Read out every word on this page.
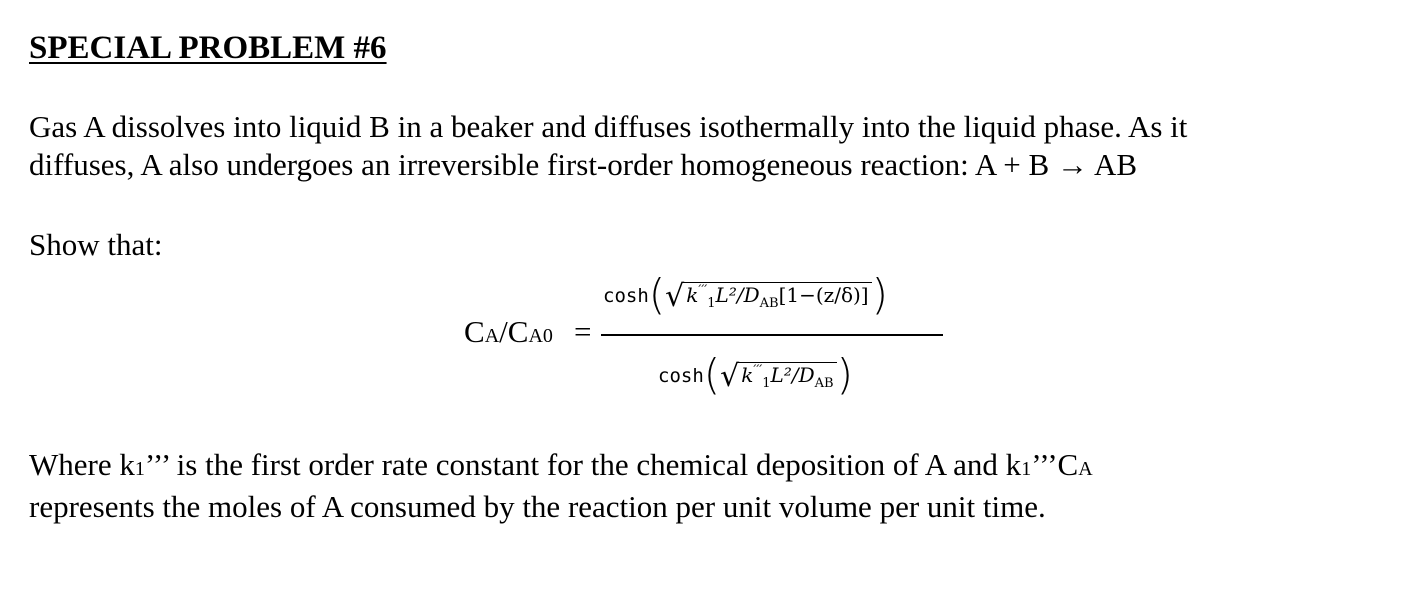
SPECIAL PROBLEM #6
Gas A dissolves into liquid B in a beaker and diffuses isothermally into the liquid phase. As it
diffuses, A also undergoes an irreversible first-order homogeneous reaction: A + B → AB
Show that:
CA/CA0 =
cosh(√ $k'''_1L^2/D_{AB}[1-(z/\delta)]$)
cosh(√ $k'''_1L^2/D_{AB}$)
Where k1’’’ is the first order rate constant for the chemical deposition of A and k1’’’CA
represents the moles of A consumed by the reaction per unit volume per unit time.
